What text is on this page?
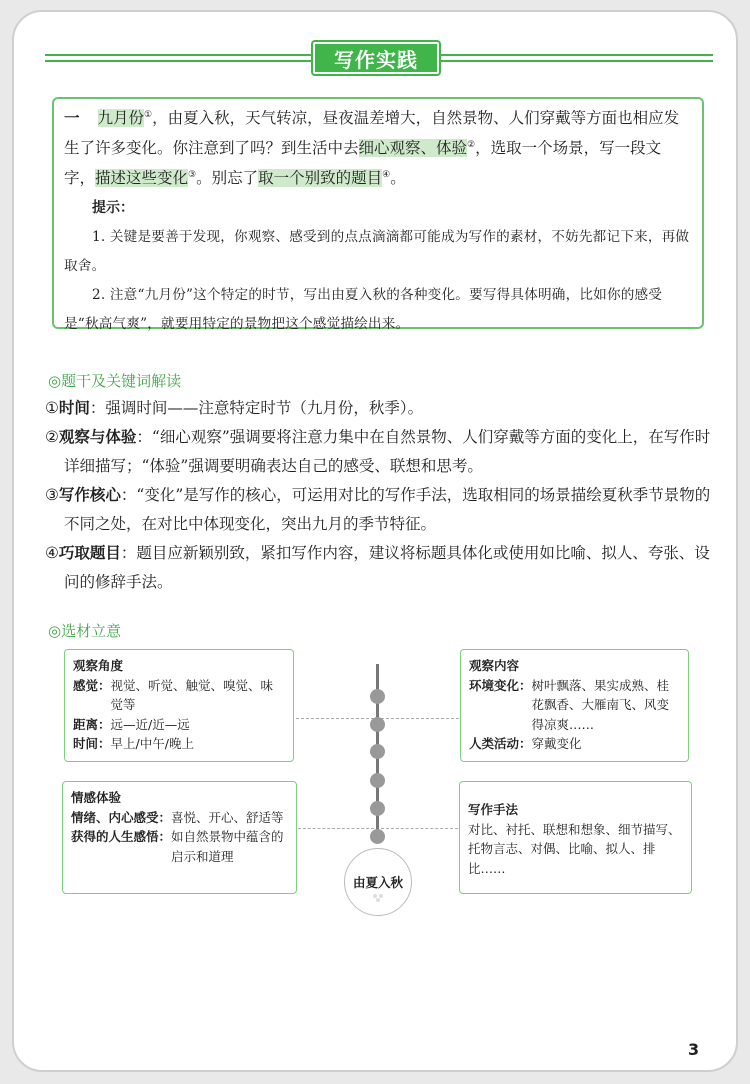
写作实践
一 九月份①，由夏入秋，天气转凉，昼夜温差增大，自然景物、人们穿戴等方面也相应发生了许多变化。你注意到了吗？到生活中去细心观察、体验②，选取一个场景，写一段文字，描述这些变化③。别忘了取一个别致的题目④。
提示：
1. 关键是要善于发现，你观察、感受到的点点滴滴都可能成为写作的素材，不妨先都记下来，再做取舍。
2. 注意“九月份”这个特定的时节，写出由夏入秋的各种变化。要写得具体明确，比如你的感受是“秋高气爽”，就要用特定的景物把这个感觉描绘出来。
◎题干及关键词解读
①时间：强调时间——注意特定时节（九月份，秋季）。
②观察与体验：“细心观察”强调要将注意力集中在自然景物、人们穿戴等方面的变化上，在写作时详细描写；“体验”强调要明确表达自己的感受、联想和思考。
③写作核心：“变化”是写作的核心，可运用对比的写作手法，选取相同的场景描绘夏秋季节景物的不同之处，在对比中体现变化，突出九月的季节特征。
④巧取题目：题目应新颖别致，紧扣写作内容，建议将标题具体化或使用如比喻、拟人、夸张、设问的修辞手法。
◎选材立意
由夏入秋
观察角度
感觉： 视觉、听觉、触觉、嗅觉、味觉等
距离： 远—近/近—远
时间： 早上/中午/晚上
观察内容
环境变化： 树叶飘落、果实成熟、桂花飘香、大雁南飞、风变得凉爽……
人类活动： 穿戴变化
情感体验
情绪、内心感受： 喜悦、开心、舒适等
获得的人生感悟： 如自然景物中蕴含的启示和道理
写作手法
对比、衬托、联想和想象、细节描写、托物言志、对偶、比喻、拟人、排比……
3
